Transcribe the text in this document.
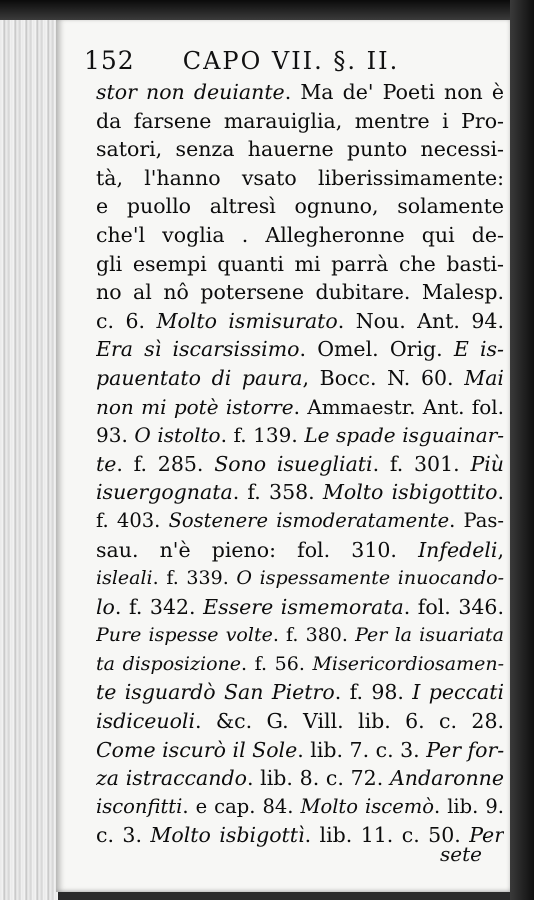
152 CAPO VII. §. II.
stor non deuiante. Ma de' Poeti non è
da farsene marauiglia, mentre i Pro-
satori, senza hauerne punto necessi-
tà, l'hanno vsato liberissimamente:
e puollo altresì ognuno, solamente
che'l voglia . Allegheronne qui de-
gli esempi quanti mi parrà che basti-
no al nô potersene dubitare. Malesp.
c. 6. Molto ismisurato. Nou. Ant. 94.
Era sì iscarsissimo. Omel. Orig. E is-
pauentato di paura, Bocc. N. 60. Mai
non mi potè istorre. Ammaestr. Ant. fol.
93. O istolto. f. 139. Le spade isguainar-
te. f. 285. Sono isuegliati. f. 301. Più
isuergognata. f. 358. Molto isbigottito.
f. 403. Sostenere ismoderatamente. Pas-
sau. n'è pieno: fol. 310. Infedeli,
isleali. f. 339. O ispessamente inuocando-
lo. f. 342. Essere ismemorata. fol. 346.
Pure ispesse volte. f. 380. Per la isuariata
ta disposizione. f. 56. Misericordiosamen-
te isguardò San Pietro. f. 98. I peccati
isdiceuoli. &c. G. Vill. lib. 6. c. 28.
Come iscurò il Sole. lib. 7. c. 3. Per for-
za istraccando. lib. 8. c. 72. Andaronne
isconfitti. e cap. 84. Molto iscemò. lib. 9.
c. 3. Molto isbigottì. lib. 11. c. 50. Per
sete
